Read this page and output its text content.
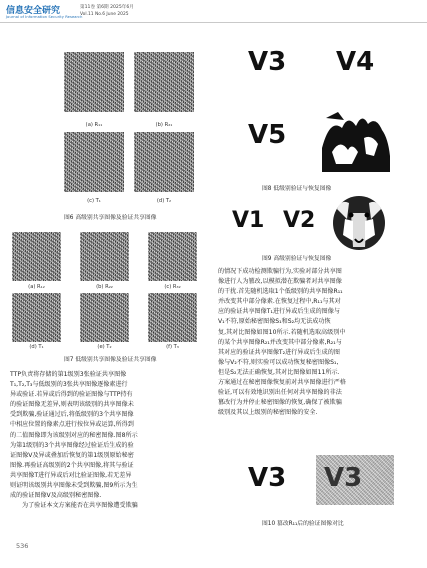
信息安全研究
Journal of Information Security Research
第11卷 第6期 2025年6月
Vol.11 No.6 June 2025
(a) R₁₁	(b) R₂₁
(c) T₁	(d) T₂
图6 高级别共享图像及验证共享图像
(a) R₁₂	(b) R₂₂	(c) R₃₂
(d) T₁	(e) T₂	(f) T₃
图7 低级别共享图像及验证共享图像
TTP负责将存储的第1级别3张验证共享图像
T₁,T₂,T₃与低级别的3张共享图像逐像素进行
异或验证.若异或后得到的验证图像与TTP持有
的验证图像无差异,则表明该级别的共享图像未
受到欺骗,验证通过后,将低级别的3个共享图像
中相应位置的像素点进行按位异或运算,所得到
的二值图像即为该级别对应的秘密图像.图8所示
为第1级别的3个共享图像经过验证后生成的验
证图像V及异或叠加后恢复的第1级别原始秘密
图像.再验证高级别的2个共享图像,将其与验证
共享图像T进行异或后对比验证图像,若无差异
则证明该级别共享图像未受到欺骗,图9所示为生
成的验证图像V及高级别秘密图像.
为了验证本文方案能否在共享图像遭受欺骗
V3 V4
V5
图8 低级别验证与恢复图像
V1 V2
图9 高级别验证与恢复图像
的情况下成功检测欺骗行为,实验对部分共享图
像进行人为篡改,以模拟潜在欺骗者对共享图像
的干扰.首先随机选取1个低级别的共享图像R₁₁
并改变其中部分像素.在恢复过程中,R₁₁与其对
应的验证共享图像T₁进行异或后生成的图像与
V₁不符,原始秘密图像S₁和S₂均无法成功恢
复,其对比图像如图10所示.若随机选取高级别中
的某个共享图像R₂₁并改变其中部分像素,R₂₁与
其对应的验证共享图像T₂进行异或后生成的图
像与V₂不符,则实验可以成功恢复秘密图像S₁,
但是S₂无法正确恢复,其对比图像如图11所示.
方案通过在秘密图像恢复前对共享图像进行严格
验证,可以有效地识别出任何对共享图像的非法
篡改行为并停止秘密图像的恢复,确保了被欺骗
级别及其以上级别的秘密图像的安全.
V3 V3
图10 篡改R₁₁后的验证图像对比
536
